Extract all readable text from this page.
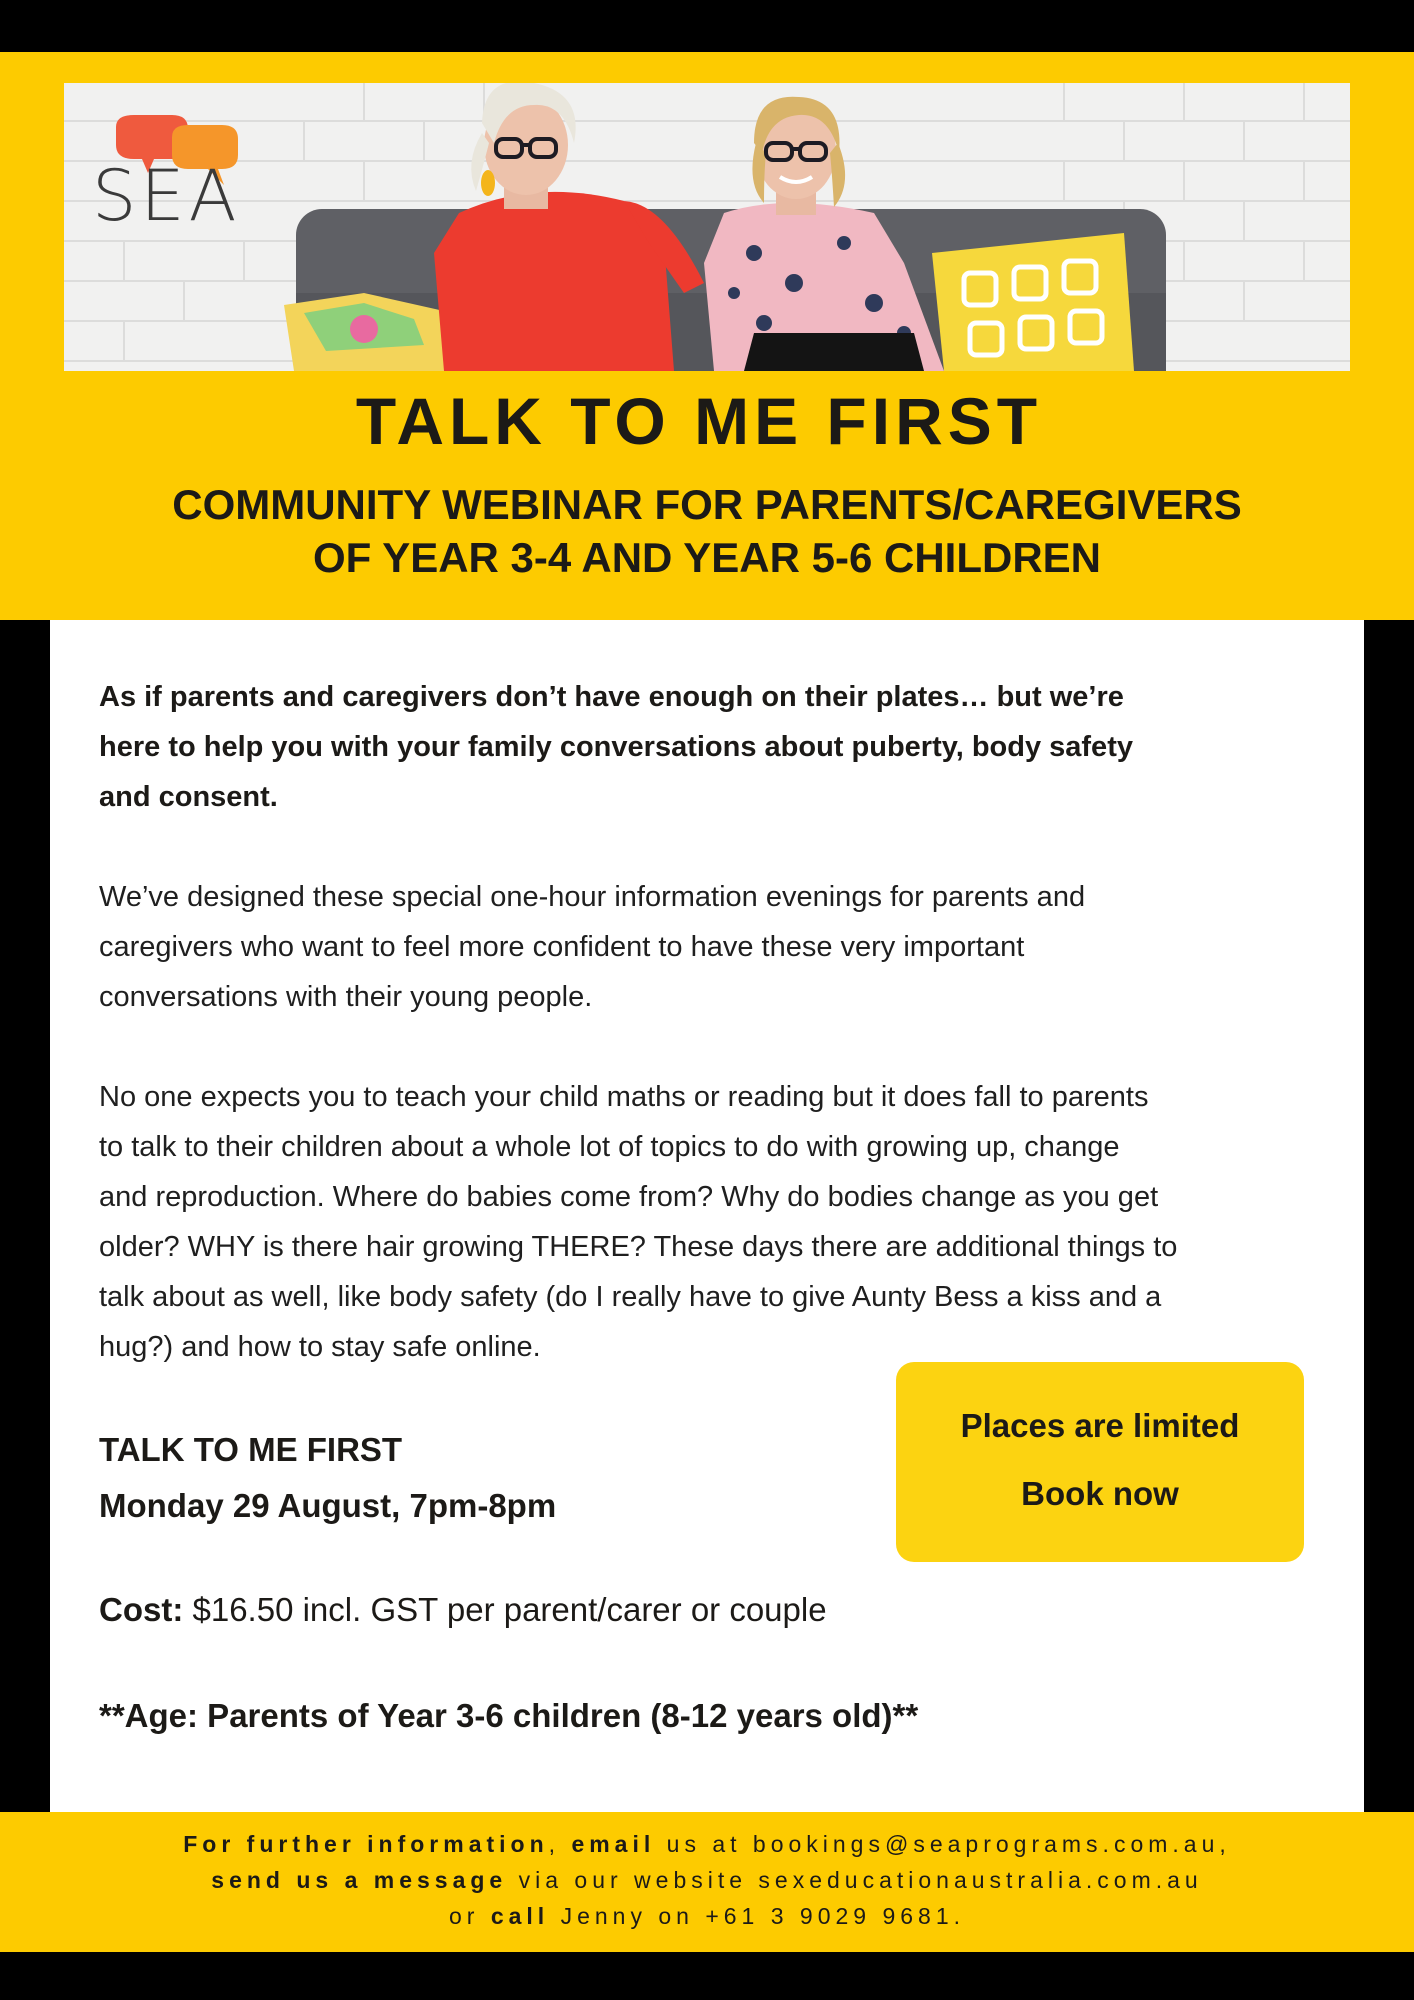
SEA
TALK TO ME FIRST
COMMUNITY WEBINAR FOR PARENTS/CAREGIVERS
OF YEAR 3-4 AND YEAR 5-6 CHILDREN

As if parents and caregivers don’t have enough on their plates… but we’re
here to help you with your family conversations about puberty, body safety
and consent.

We’ve designed these special one-hour information evenings for parents and
caregivers who want to feel more confident to have these very important
conversations with their young people.

No one expects you to teach your child maths or reading but it does fall to parents
to talk to their children about a whole lot of topics to do with growing up, change
and reproduction. Where do babies come from? Why do bodies change as you get
older? WHY is there hair growing THERE? These days there are additional things to
talk about as well, like body safety (do I really have to give Aunty Bess a kiss and a
hug?) and how to stay safe online.

TALK TO ME FIRST

Monday 29 August, 7pm-8pm

Cost: $16.50 incl. GST per parent/carer or couple

**Age: Parents of Year 3-6 children (8-12 years old)**

Places are limited
Book now
For further information, email us at bookings@seaprograms.com.au,
send us a message via our website sexeducationaustralia.com.au
or call Jenny on +61 3 9029 9681.
